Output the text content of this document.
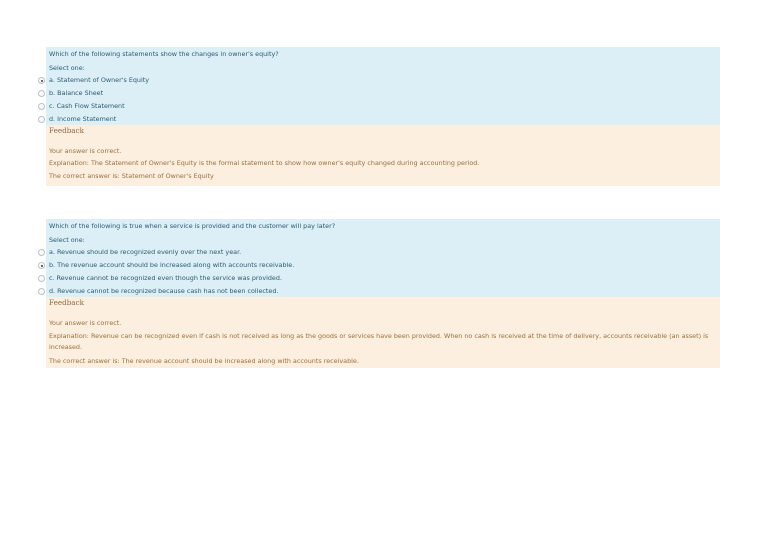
Which of the following statements show the changes in owner's equity?
Select one:
a. Statement of Owner's Equity
b. Balance Sheet
c. Cash Flow Statement
d. Income Statement
Feedback
Your answer is correct.
Explanation: The Statement of Owner's Equity is the formal statement to show how owner's equity changed during accounting period.
The correct answer is: Statement of Owner's Equity
Which of the following is true when a service is provided and the customer will pay later?
Select one:
a. Revenue should be recognized evenly over the next year.
b. The revenue account should be increased along with accounts receivable.
c. Revenue cannot be recognized even though the service was provided.
d. Revenue cannot be recognized because cash has not been collected.
Feedback
Your answer is correct.
Explanation: Revenue can be recognized even if cash is not received as long as the goods or services have been provided. When no cash is received at the time of delivery, accounts receivable (an asset) is increased.
The correct answer is: The revenue account should be increased along with accounts receivable.
